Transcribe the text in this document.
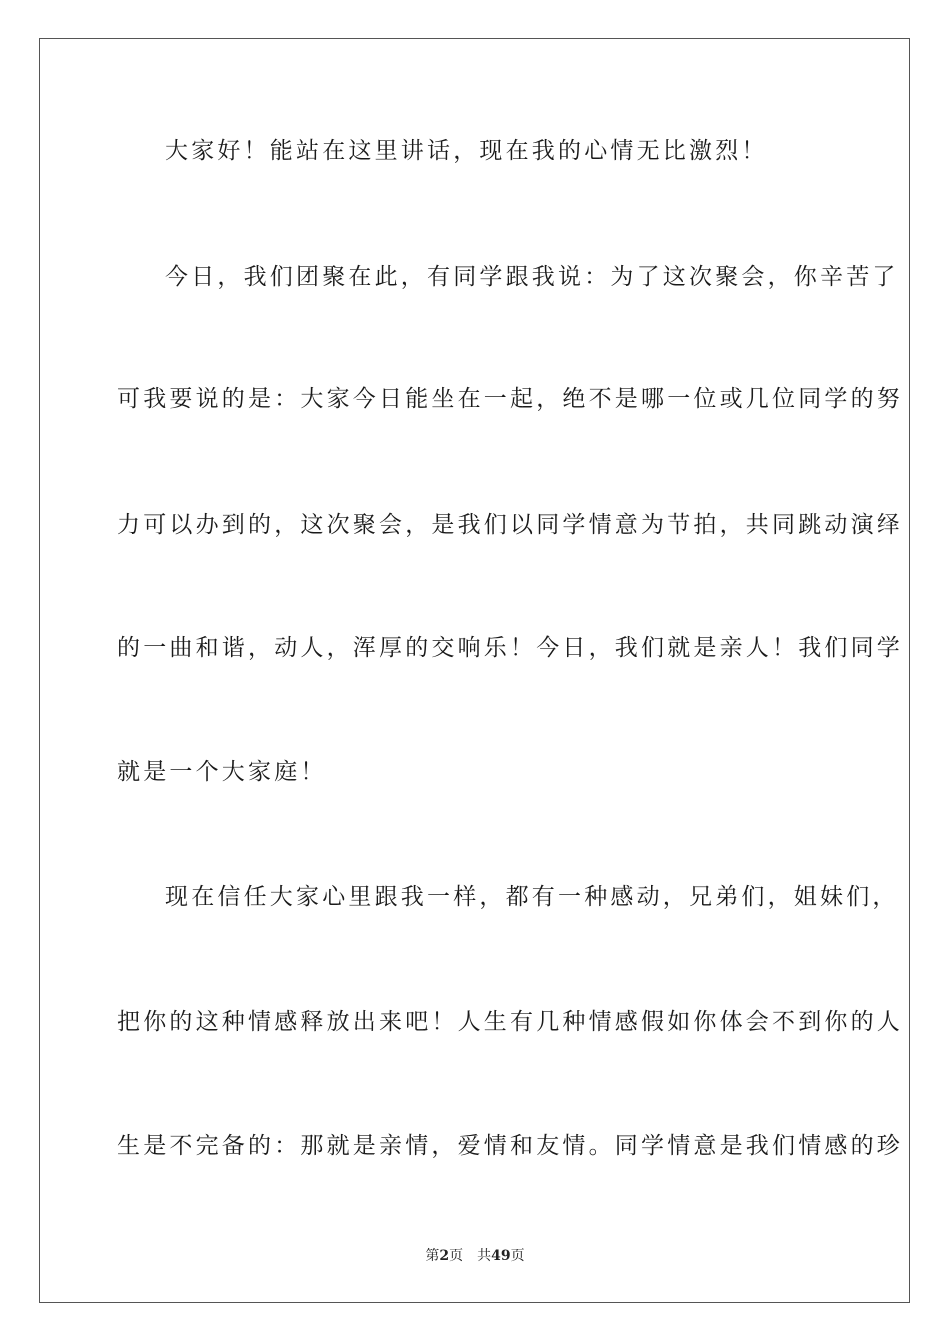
大家好！能站在这里讲话，现在我的心情无比激烈！
今日，我们团聚在此，有同学跟我说：为了这次聚会，你辛苦了
可我要说的是：大家今日能坐在一起，绝不是哪一位或几位同学的努
力可以办到的，这次聚会，是我们以同学情意为节拍，共同跳动演绎
的一曲和谐，动人，浑厚的交响乐！今日，我们就是亲人！我们同学
就是一个大家庭！
现在信任大家心里跟我一样，都有一种感动，兄弟们，姐妹们，
把你的这种情感释放出来吧！人生有几种情感假如你体会不到你的人
生是不完备的：那就是亲情，爱情和友情。同学情意是我们情感的珍
第2页 共49页
